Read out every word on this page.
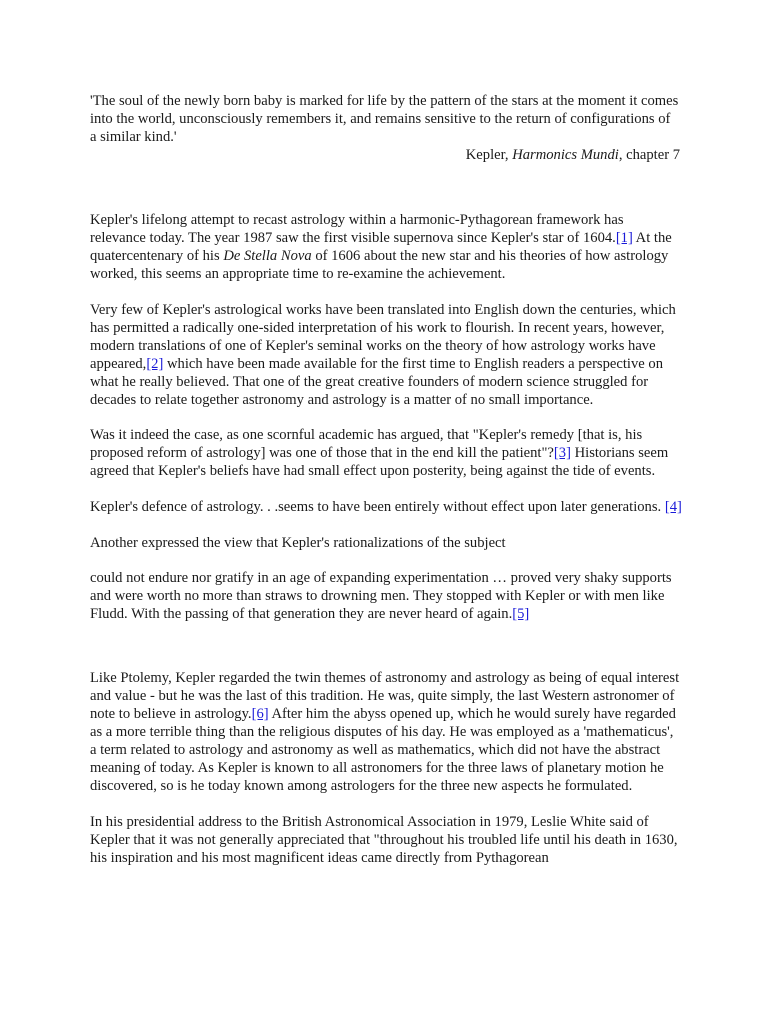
'The soul of the newly born baby is marked for life by the pattern of the stars at the moment it comes into the world, unconsciously remembers it, and remains sensitive to the return of configurations of a similar kind.'

Kepler, Harmonics Mundi, chapter 7

Kepler's lifelong attempt to recast astrology within a harmonic-Pythagorean framework has relevance today. The year 1987 saw the first visible supernova since Kepler's star of 1604.[1] At the quatercentenary of his De Stella Nova of 1606 about the new star and his theories of how astrology worked, this seems an appropriate time to re-examine the achievement.

Very few of Kepler's astrological works have been translated into English down the centuries, which has permitted a radically one-sided interpretation of his work to flourish. In recent years, however, modern translations of one of Kepler's seminal works on the theory of how astrology works have appeared,[2] which have been made available for the first time to English readers a perspective on what he really believed. That one of the great creative founders of modern science struggled for decades to relate together astronomy and astrology is a matter of no small importance.

Was it indeed the case, as one scornful academic has argued, that "Kepler's remedy [that is, his proposed reform of astrology] was one of those that in the end kill the patient"?[3] Historians seem agreed that Kepler's beliefs have had small effect upon posterity, being against the tide of events.

Kepler's defence of astrology. . .seems to have been entirely without effect upon later generations. [4]

Another expressed the view that Kepler's rationalizations of the subject

could not endure nor gratify in an age of expanding experimentation … proved very shaky supports and were worth no more than straws to drowning men. They stopped with Kepler or with men like Fludd. With the passing of that generation they are never heard of again.[5]

Like Ptolemy, Kepler regarded the twin themes of astronomy and astrology as being of equal interest and value - but he was the last of this tradition. He was, quite simply, the last Western astronomer of note to believe in astrology.[6] After him the abyss opened up, which he would surely have regarded as a more terrible thing than the religious disputes of his day. He was employed as a 'mathematicus', a term related to astrology and astronomy as well as mathematics, which did not have the abstract meaning of today. As Kepler is known to all astronomers for the three laws of planetary motion he discovered, so is he today known among astrologers for the three new aspects he formulated.

In his presidential address to the British Astronomical Association in 1979, Leslie White said of Kepler that it was not generally appreciated that "throughout his troubled life until his death in 1630, his inspiration and his most magnificent ideas came directly from Pythagorean
